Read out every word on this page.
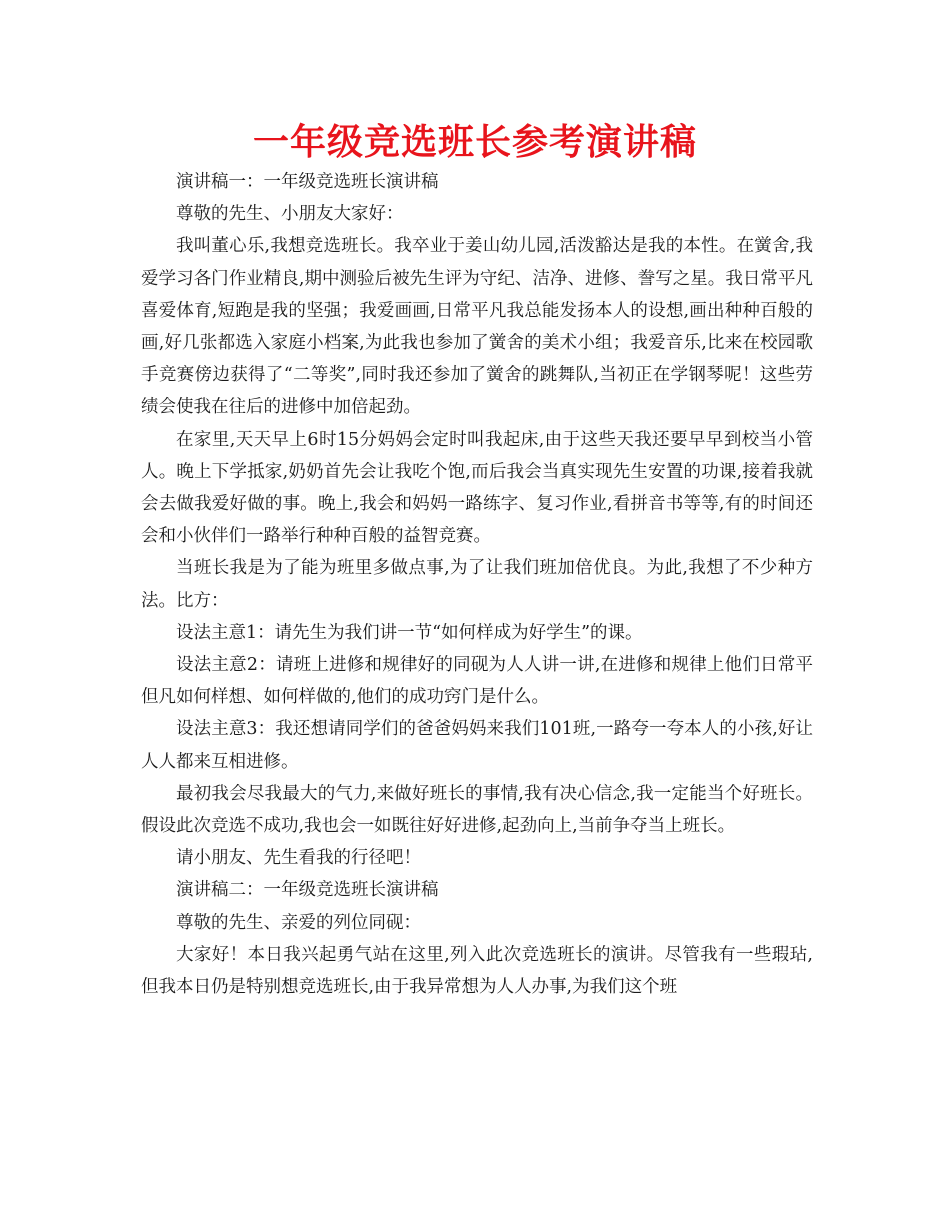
一年级竞选班长参考演讲稿

演讲稿一：一年级竞选班长演讲稿

尊敬的先生、小朋友大家好：

我叫董心乐,我想竞选班长。我卒业于姜山幼儿园,活泼豁达是我的本性。在黉舍,我爱学习各门作业精良,期中测验后被先生评为守纪、洁净、进修、誊写之星。我日常平凡喜爱体育,短跑是我的坚强；我爱画画,日常平凡我总能发扬本人的设想,画出种种百般的画,好几张都选入家庭小档案,为此我也参加了黉舍的美术小组；我爱音乐,比来在校园歌手竞赛傍边获得了“二等奖”,同时我还参加了黉舍的跳舞队,当初正在学钢琴呢！这些劳绩会使我在往后的进修中加倍起劲。

在家里,天天早上6时15分妈妈会定时叫我起床,由于这些天我还要早早到校当小管人。晚上下学抵家,奶奶首先会让我吃个饱,而后我会当真实现先生安置的功课,接着我就会去做我爱好做的事。晚上,我会和妈妈一路练字、复习作业,看拼音书等等,有的时间还会和小伙伴们一路举行种种百般的益智竞赛。

当班长我是为了能为班里多做点事,为了让我们班加倍优良。为此,我想了不少种方法。比方：

设法主意1：请先生为我们讲一节“如何样成为好学生”的课。

设法主意2：请班上进修和规律好的同砚为人人讲一讲,在进修和规律上他们日常平但凡如何样想、如何样做的,他们的成功窍门是什么。

设法主意3：我还想请同学们的爸爸妈妈来我们101班,一路夸一夸本人的小孩,好让人人都来互相进修。

最初我会尽我最大的气力,来做好班长的事情,我有决心信念,我一定能当个好班长。假设此次竞选不成功,我也会一如既往好好进修,起劲向上,当前争夺当上班长。

请小朋友、先生看我的行径吧！

演讲稿二：一年级竞选班长演讲稿

尊敬的先生、亲爱的列位同砚：

大家好！本日我兴起勇气站在这里,列入此次竞选班长的演讲。尽管我有一些瑕玷,但我本日仍是特别想竞选班长,由于我异常想为人人办事,为我们这个班
